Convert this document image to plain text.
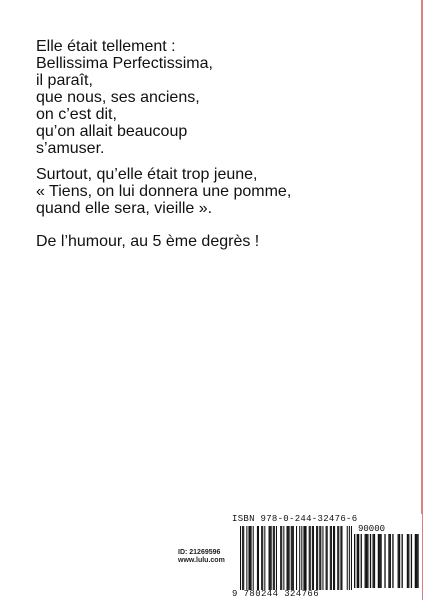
Elle était tellement :
Bellissima Perfectissima,
il paraît,
que nous, ses anciens,
on c’est dit,
qu’on allait beaucoup
s’amuser.
Surtout, qu’elle était trop jeune,
« Tiens, on lui donnera une pomme,
quand elle sera, vieille ».
De l’humour, au 5 ème degrès !
ID: 21269596
www.lulu.com
ISBN 978-0-244-32476-6
90000
9 780244 324766
